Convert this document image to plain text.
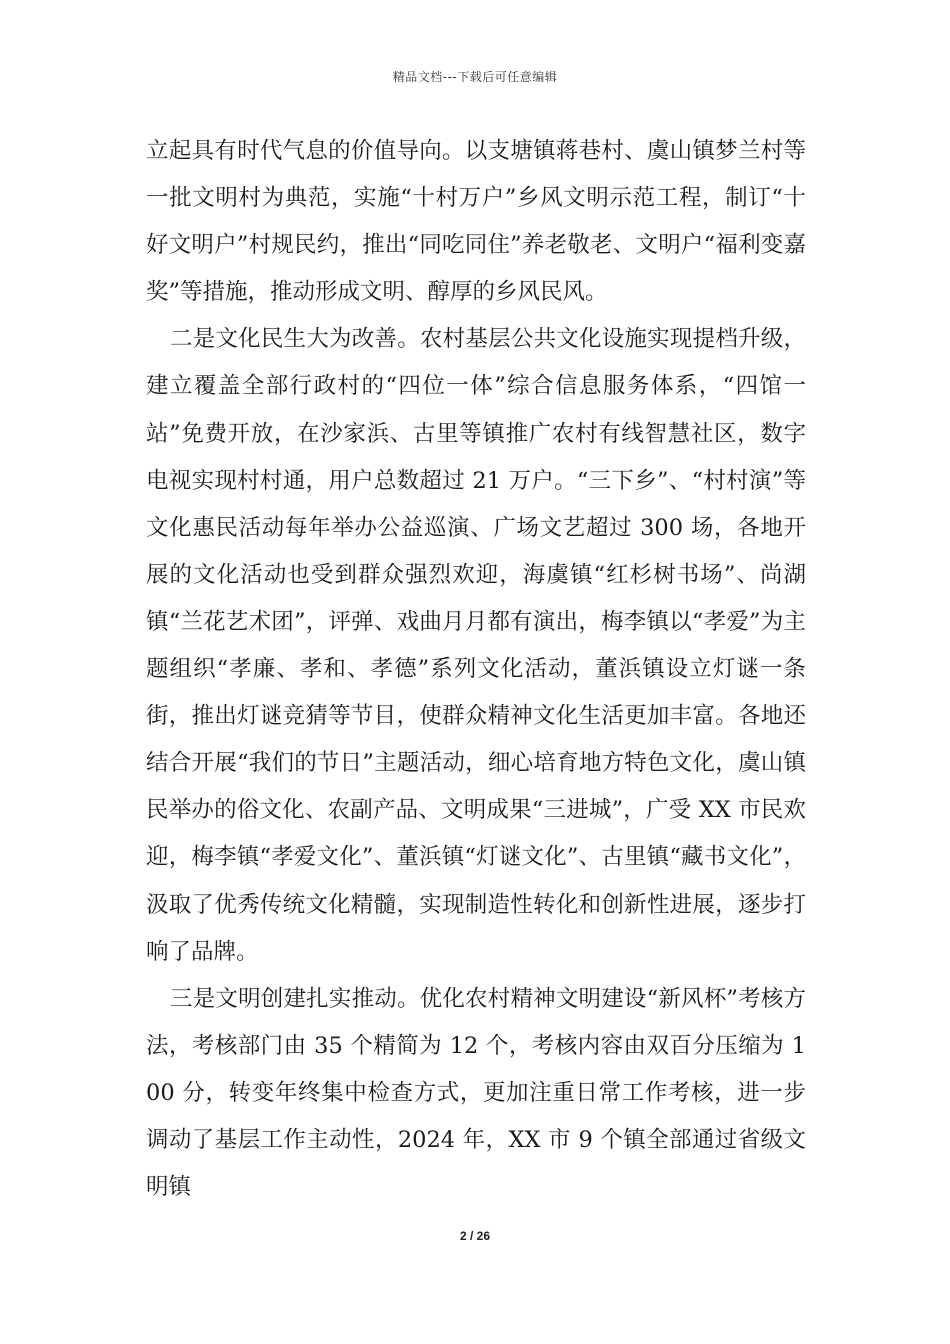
精品文档---下载后可任意编辑

立起具有时代气息的价值导向。以支塘镇蒋巷村、虞山镇梦兰村等一批文明村为典范，实施“十村万户”乡风文明示范工程，制订“十好文明户”村规民约，推出“同吃同住”养老敬老、文明户“福利变嘉奖”等措施，推动形成文明、醇厚的乡风民风。

二是文化民生大为改善。农村基层公共文化设施实现提档升级，建立覆盖全部行政村的“四位一体”综合信息服务体系，“四馆一站”免费开放，在沙家浜、古里等镇推广农村有线智慧社区，数字电视实现村村通，用户总数超过 21 万户。“三下乡”、“村村演”等文化惠民活动每年举办公益巡演、广场文艺超过 300 场，各地开展的文化活动也受到群众强烈欢迎，海虞镇“红杉树书场”、尚湖镇“兰花艺术团”，评弹、戏曲月月都有演出，梅李镇以“孝爱”为主题组织“孝廉、孝和、孝德”系列文化活动，董浜镇设立灯谜一条街，推出灯谜竞猜等节目，使群众精神文化生活更加丰富。各地还结合开展“我们的节日”主题活动，细心培育地方特色文化，虞山镇民举办的俗文化、农副产品、文明成果“三进城”，广受 XX 市民欢迎，梅李镇“孝爱文化”、董浜镇“灯谜文化”、古里镇“藏书文化”，汲取了优秀传统文化精髓，实现制造性转化和创新性进展，逐步打响了品牌。

三是文明创建扎实推动。优化农村精神文明建设“新风杯”考核方法，考核部门由 35 个精简为 12 个，考核内容由双百分压缩为 100 分，转变年终集中检查方式，更加注重日常工作考核，进一步调动了基层工作主动性，2024 年，XX 市 9 个镇全部通过省级文明镇

2 / 26
